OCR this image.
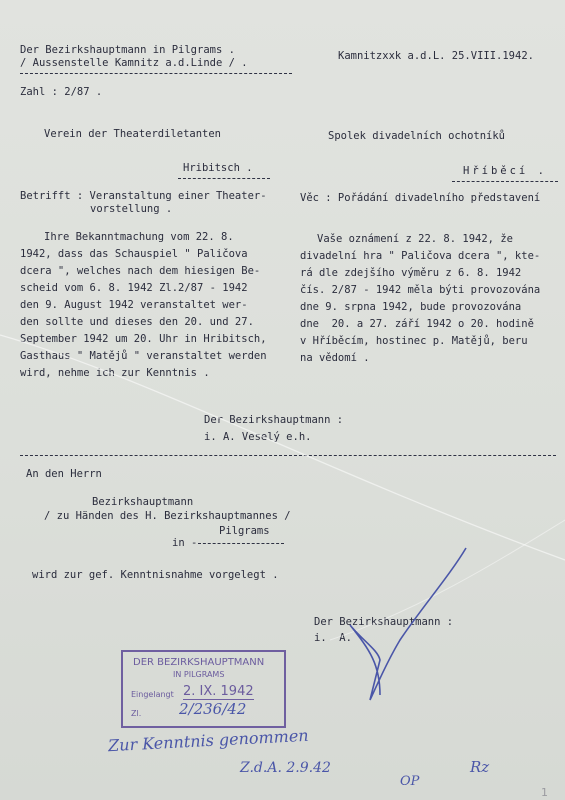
Der Bezirkshauptmann in Pilgrams .
/ Aussenstelle Kamnitz a.d.Linde / .
Kamnitzxxk a.d.L. 25.VIII.1942.
Zahl : 2/87 .
Verein der Theaterdiletanten	Spolek divadelních ochotníků
Hribitsch .	Hříběcí .
Betrifft : Veranstaltung einer Theater-
vorstellung .
Věc : Pořádání divadelního představení
Ihre Bekanntmachung vom 22. 8.
1942, dass das Schauspiel " Paličova
dcera ", welches nach dem hiesigen Be-
scheid vom 6. 8. 1942 Zl.2/87 - 1942
den 9. August 1942 veranstaltet wer-
den sollte und dieses den 20. und 27.
September 1942 um 20. Uhr in Hribitsch,
Gasthaus " Matějů " veranstaltet werden
wird, nehme ich zur Kenntnis .
Vaše oznámení z 22. 8. 1942, že
divadelní hra " Paličova dcera ", kte-
rá dle zdejšího výměru z 6. 8. 1942
čís. 2/87 - 1942 měla býti provozována
dne 9. srpna 1942, bude provozována
dne  20. a 27. září 1942 o 20. hodině
v Hříběcím, hostinec p. Matějů, beru
na vědomí .
Der Bezirkshauptmann :
i. A. Veselý e.h.
An den Herrn
Bezirkshauptmann
/ zu Händen des H. Bezirkshauptmannes /
Pilgrams
in -
wird zur gef. Kenntnisnahme vorgelegt .
Der Bezirkshauptmann :
i.  A.
DER BEZIRKSHAUPTMANN
IN PILGRAMS
Eingelangt 2. IX. 1942
Zl.	2/236/42
Zur Kenntnis genommen
Z.d.A. 2.9.42	Rz
OP
1
